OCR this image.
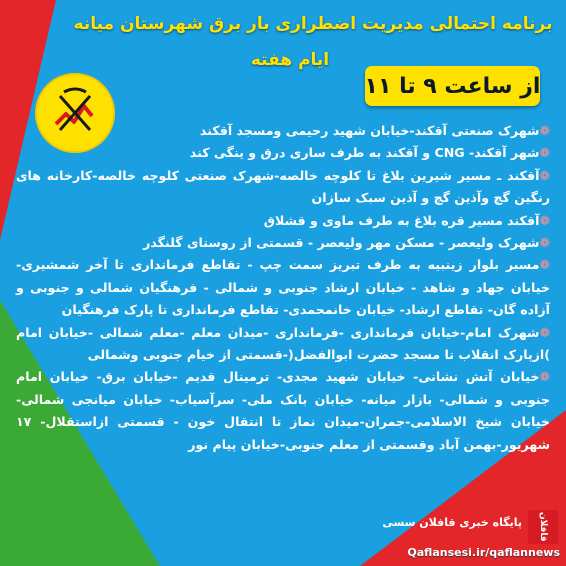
برنامه احتمالی مدیریت اضطراری بار برق شهرستان میانه
ایام هفته
از ساعت ۹ تا ۱۱

❁شهرک صنعتی آقکند-خیابان شهید رحیمی ومسجد آقکند

❁شهر آقکند- CNG و آقکند به طرف ساری درق و ینگی کند

❁آقکند ـ مسیر شیرین بلاغ تا کلوچه خالصه-شهرک صنعتی کلوچه خالصه-کارخانه های رنگین گچ وآذین گچ و آذین سبک سازان

❁آقکند مسیر قره بلاغ به طرف ماوی و قشلاق

❁شهرک ولیعصر - مسکن مهر ولیعصر - قسمتی از روستای گلنگدر

❁مسیر بلوار زینبیه به طرف تبریز سمت چپ - تقاطع فرمانداری تا آخر شمشیری- خیابان جهاد و شاهد - خیابان ارشاد جنوبی و شمالی - فرهنگیان شمالی و جنوبی و آزاده گان- تقاطع ارشاد- خیابان خانمحمدی- تقاطع فرمانداری تا پارک فرهنگیان

❁شهرک امام-خیابان فرمانداری -فرمانداری -میدان معلم -معلم شمالی -خیابان امام )ازپارک انقلاب تا مسجد حضرت ابوالفضل(-قسمتی از خیام جنوبی وشمالی

❁خیابان آتش نشانی- خیابان شهید مجدی- ترمینال قدیم -خیابان برق- خیابان امام جنوبی و شمالی- بازار میانه- خیابان بانک ملی- سرآسیاب- خیابان میانجی شمالی- خیابان شیخ الاسلامی-جمران-میدان نماز تا انتقال خون - قسمتی ازاستقلال- ۱۷ شهریور-بهمن آباد وقسمتی از معلم جنوبی-خیابان پیام نور

قافلان
پایگاه خبری قافلان سسی
Qaflansesi.ir/qaflannews
